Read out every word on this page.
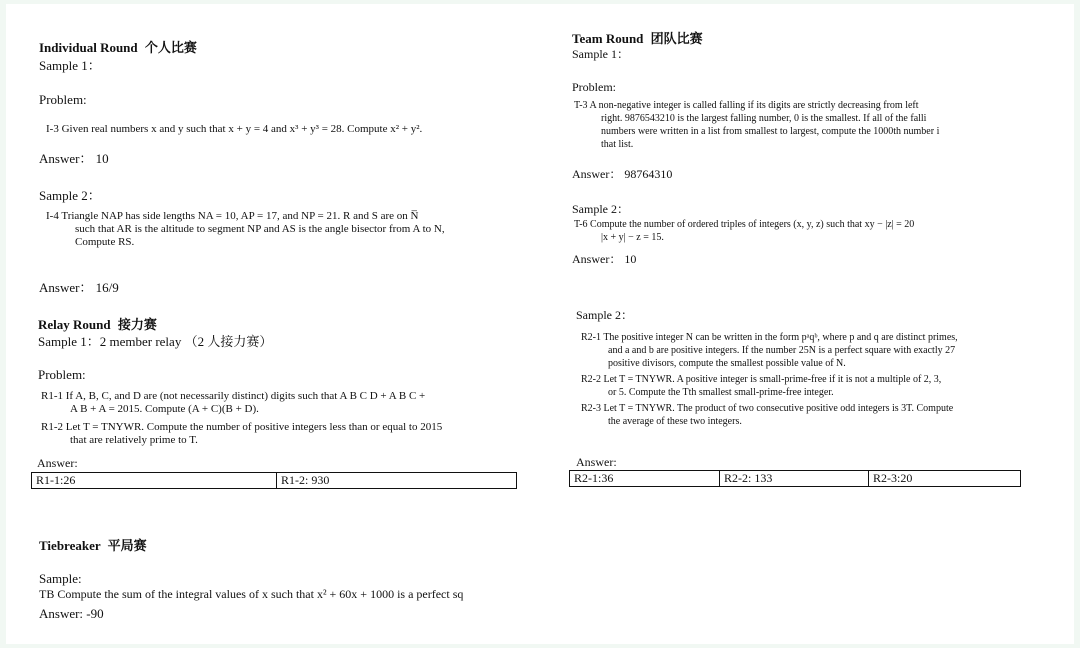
Individual Round 个人比赛
Sample 1：
Problem:
I-3 Given real numbers x and y such that x + y = 4 and x³ + y³ = 28. Compute x² + y².
Answer： 10
Sample 2：
I-4 Triangle NAP has side lengths NA = 10, AP = 17, and NP = 21. R and S are on N̅
such that AR is the altitude to segment NP and AS is the angle bisector from A to N,
Compute RS.
Answer： 16/9
Relay Round 接力赛
Sample 1：2 member relay （2 人接力赛）
Problem:
R1-1 If A, B, C, and D are (not necessarily distinct) digits such that A B C D + A B C +
A B + A = 2015. Compute (A + C)(B + D).
R1-2 Let T = TNYWR. Compute the number of positive integers less than or equal to 2015
that are relatively prime to T.
Answer:
R1-1:26	R1-2: 930
Tiebreaker 平局赛
Sample:
TB Compute the sum of the integral values of x such that x² + 60x + 1000 is a perfect sq
Answer: -90
Team Round 团队比赛
Sample 1：
Problem:
T-3 A non-negative integer is called falling if its digits are strictly decreasing from left
right. 9876543210 is the largest falling number, 0 is the smallest. If all of the falli
numbers were written in a list from smallest to largest, compute the 1000th number i
that list.
Answer： 98764310
Sample 2：
T-6 Compute the number of ordered triples of integers (x, y, z) such that xy − |z| = 20
|x + y| − z = 15.
Answer： 10
Sample 2：
R2-1 The positive integer N can be written in the form pᵃqᵇ, where p and q are distinct primes,
and a and b are positive integers. If the number 25N is a perfect square with exactly 27
positive divisors, compute the smallest possible value of N.
R2-2 Let T = TNYWR. A positive integer is small-prime-free if it is not a multiple of 2, 3,
or 5. Compute the Tth smallest small-prime-free integer.
R2-3 Let T = TNYWR. The product of two consecutive positive odd integers is 3T. Compute
the average of these two integers.
Answer:
R2-1:36	R2-2: 133	R2-3:20
